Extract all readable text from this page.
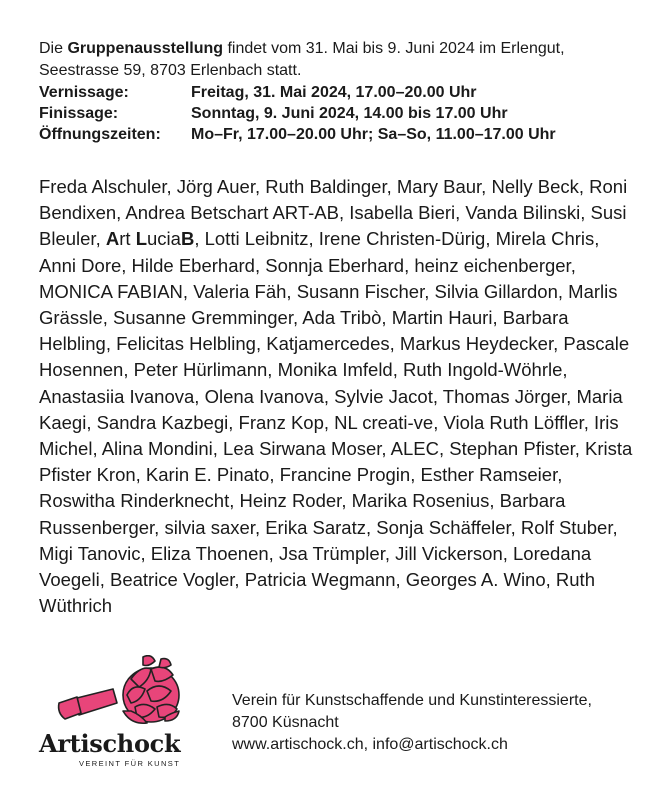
Die Gruppenausstellung findet vom 31. Mai bis 9. Juni 2024 im Erlengut,
Seestrasse 59, 8703 Erlenbach statt.
Vernissage:	Freitag, 31. Mai 2024, 17.00–20.00 Uhr
Finissage:	Sonntag, 9. Juni 2024, 14.00 bis 17.00 Uhr
Öffnungszeiten:	Mo–Fr, 17.00–20.00 Uhr; Sa–So, 11.00–17.00 Uhr
Freda Alschuler, Jörg Auer, Ruth Baldinger, Mary Baur, Nelly Beck, Roni Bendixen, Andrea Betschart ART-AB, Isabella Bieri, Vanda Bilinski, Susi Bleuler, Art LuciaB, Lotti Leibnitz, Irene Christen-Dürig, Mirela Chris, Anni Dore, Hilde Eberhard, Sonnja Eberhard, heinz eichenberger, MONICA FABIAN, Valeria Fäh, Susann Fischer, Silvia Gillardon, Marlis Grässle, Susanne Gremminger, Ada Tribò, Martin Hauri, Barbara Helbling, Felicitas Helbling, Katjamercedes, Markus Heydecker, Pascale Hosennen, Peter Hürlimann, Monika Imfeld, Ruth Ingold-Wöhrle, Anastasiia Ivanova, Olena Ivanova, Sylvie Jacot, Thomas Jörger, Maria Kaegi, Sandra Kazbegi, Franz Kop, NL creati-ve, Viola Ruth Löffler, Iris Michel, Alina Mondini, Lea Sirwana Moser, ALEC, Stephan Pfister, Krista Pfister Kron, Karin E. Pinato, Francine Progin, Esther Ramseier, Roswitha Rinderknecht, Heinz Roder, Marika Rosenius, Barbara Russenberger, silvia saxer, Erika Saratz, Sonja Schäffeler, Rolf Stuber, Migi Tanovic, Eliza Thoenen, Jsa Trümpler, Jill Vickerson, Loredana Voegeli, Beatrice Vogler, Patricia Wegmann, Georges A. Wino, Ruth Wüthrich
Artischock
VEREINT FÜR KUNST
Verein für Kunstschaffende und Kunstinteressierte,
8700 Küsnacht
www.artischock.ch, info@artischock.ch
